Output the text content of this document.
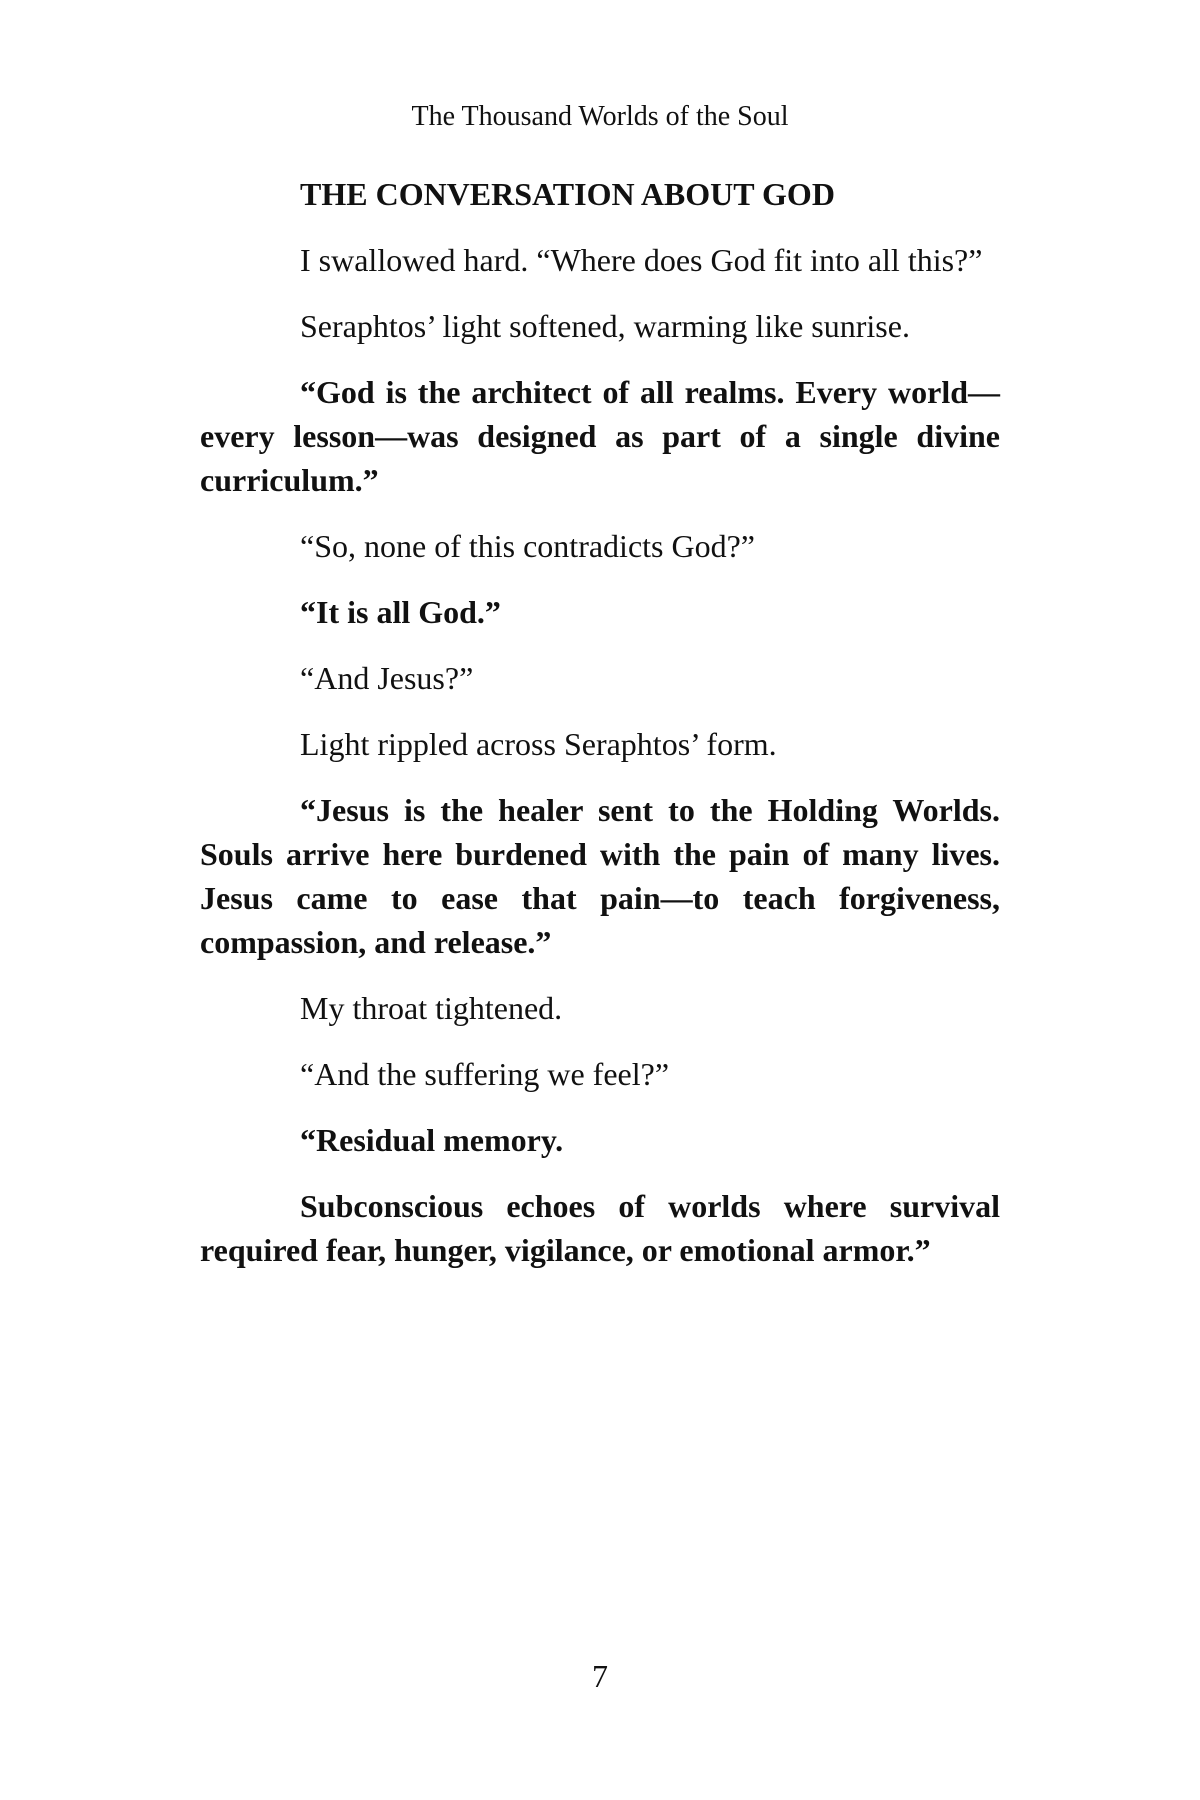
The Thousand Worlds of the Soul
THE CONVERSATION ABOUT GOD

I swallowed hard. “Where does God fit into all this?”

Seraphtos’ light softened, warming like sunrise.

“God is the architect of all realms. Every world—every lesson—was designed as part of a single divine curriculum.”

“So, none of this contradicts God?”

“It is all God.”

“And Jesus?”

Light rippled across Seraphtos’ form.

“Jesus is the healer sent to the Holding Worlds. Souls arrive here burdened with the pain of many lives. Jesus came to ease that pain—to teach forgiveness, compassion, and release.”

My throat tightened.

“And the suffering we feel?”

“Residual memory.

Subconscious echoes of worlds where survival required fear, hunger, vigilance, or emotional armor.”

7
